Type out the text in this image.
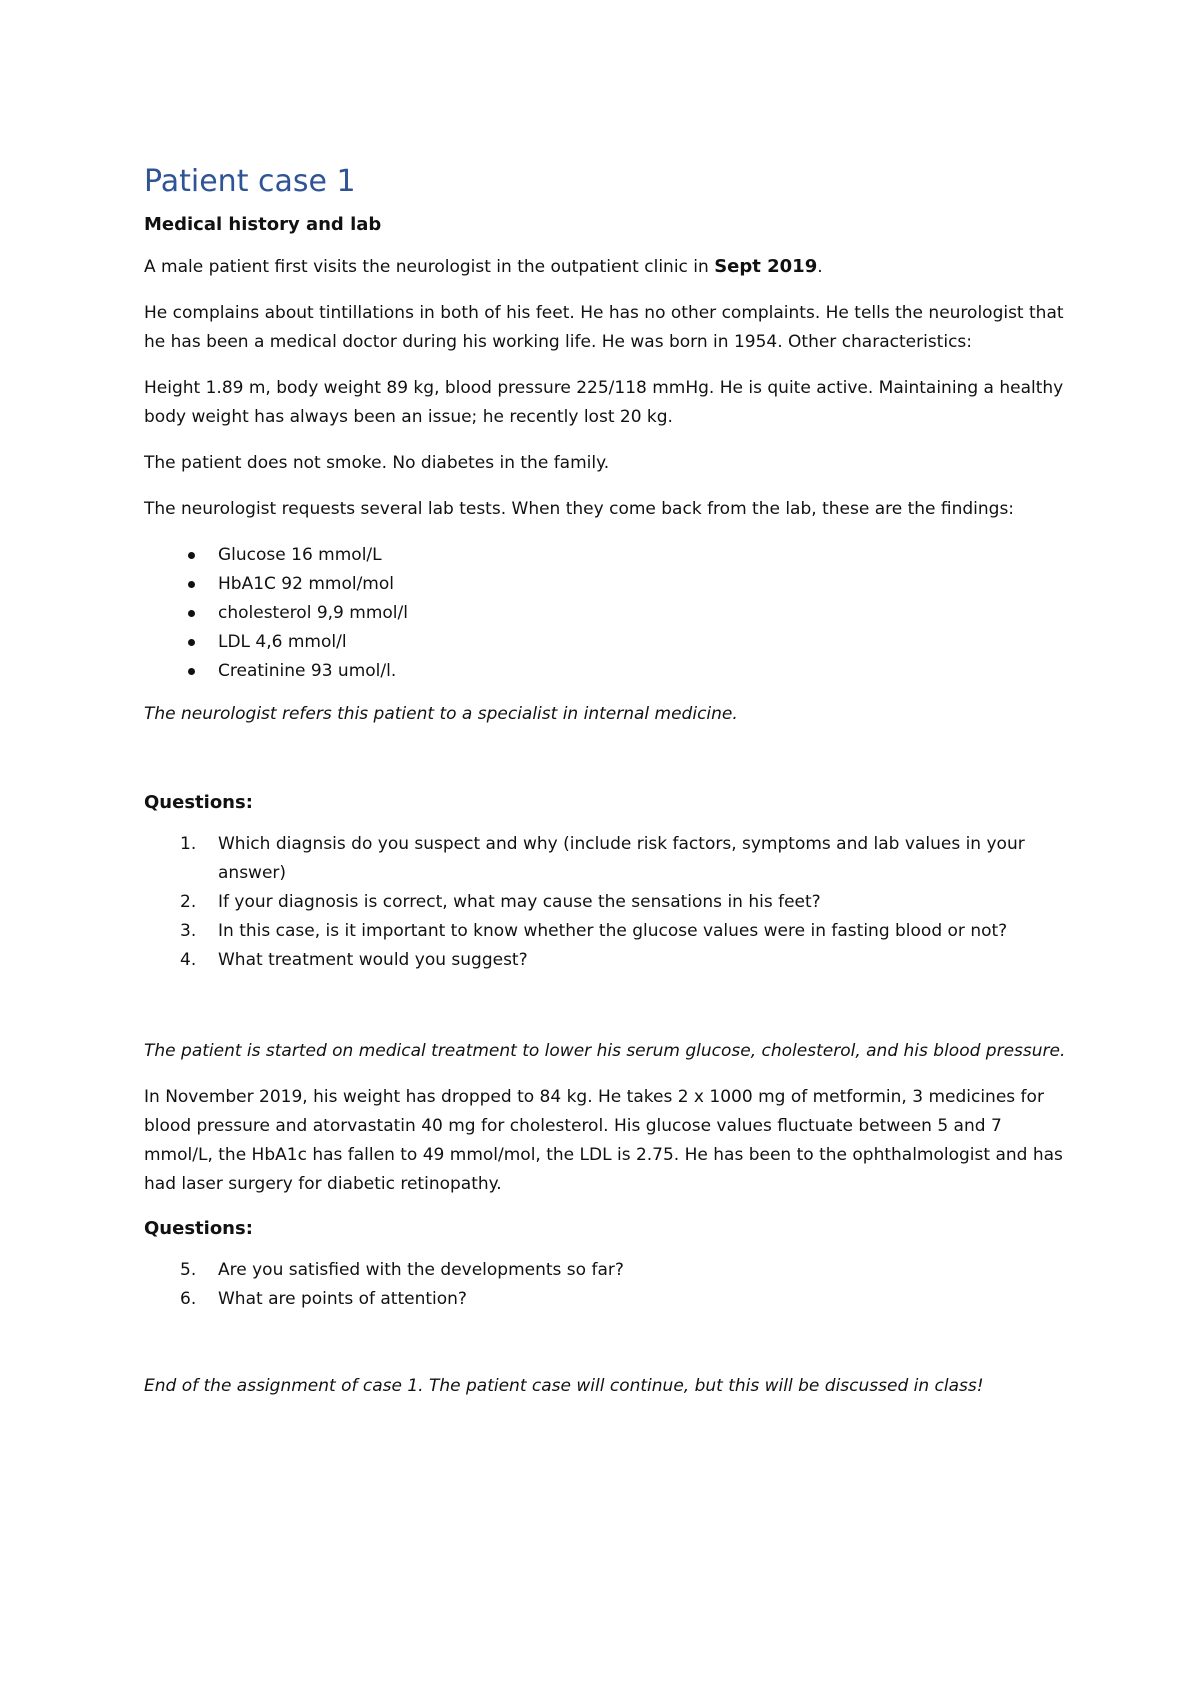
Patient case 1
Medical history and lab

A male patient first visits the neurologist in the outpatient clinic in Sept 2019.

He complains about tintillations in both of his feet. He has no other complaints. He tells the neurologist that he has been a medical doctor during his working life. He was born in 1954. Other characteristics:

Height 1.89 m, body weight 89 kg, blood pressure 225/118 mmHg. He is quite active. Maintaining a healthy body weight has always been an issue; he recently lost 20 kg.

The patient does not smoke. No diabetes in the family.

The neurologist requests several lab tests. When they come back from the lab, these are the findings:

Glucose 16 mmol/L
HbA1C 92 mmol/mol
cholesterol 9,9 mmol/l
LDL 4,6 mmol/l
Creatinine 93 umol/l.

The neurologist refers this patient to a specialist in internal medicine.

Questions:
1. Which diagnsis do you suspect and why (include risk factors, symptoms and lab values in your answer)
2. If your diagnosis is correct, what may cause the sensations in his feet?
3. In this case, is it important to know whether the glucose values were in fasting blood or not?
4. What treatment would you suggest?

The patient is started on medical treatment to lower his serum glucose, cholesterol, and his blood pressure.

In November 2019, his weight has dropped to 84 kg. He takes 2 x 1000 mg of metformin, 3 medicines for blood pressure and atorvastatin 40 mg for cholesterol. His glucose values fluctuate between 5 and 7 mmol/L, the HbA1c has fallen to 49 mmol/mol, the LDL is 2.75. He has been to the ophthalmologist and has had laser surgery for diabetic retinopathy.

Questions:
5. Are you satisfied with the developments so far?
6. What are points of attention?

End of the assignment of case 1. The patient case will continue, but this will be discussed in class!
